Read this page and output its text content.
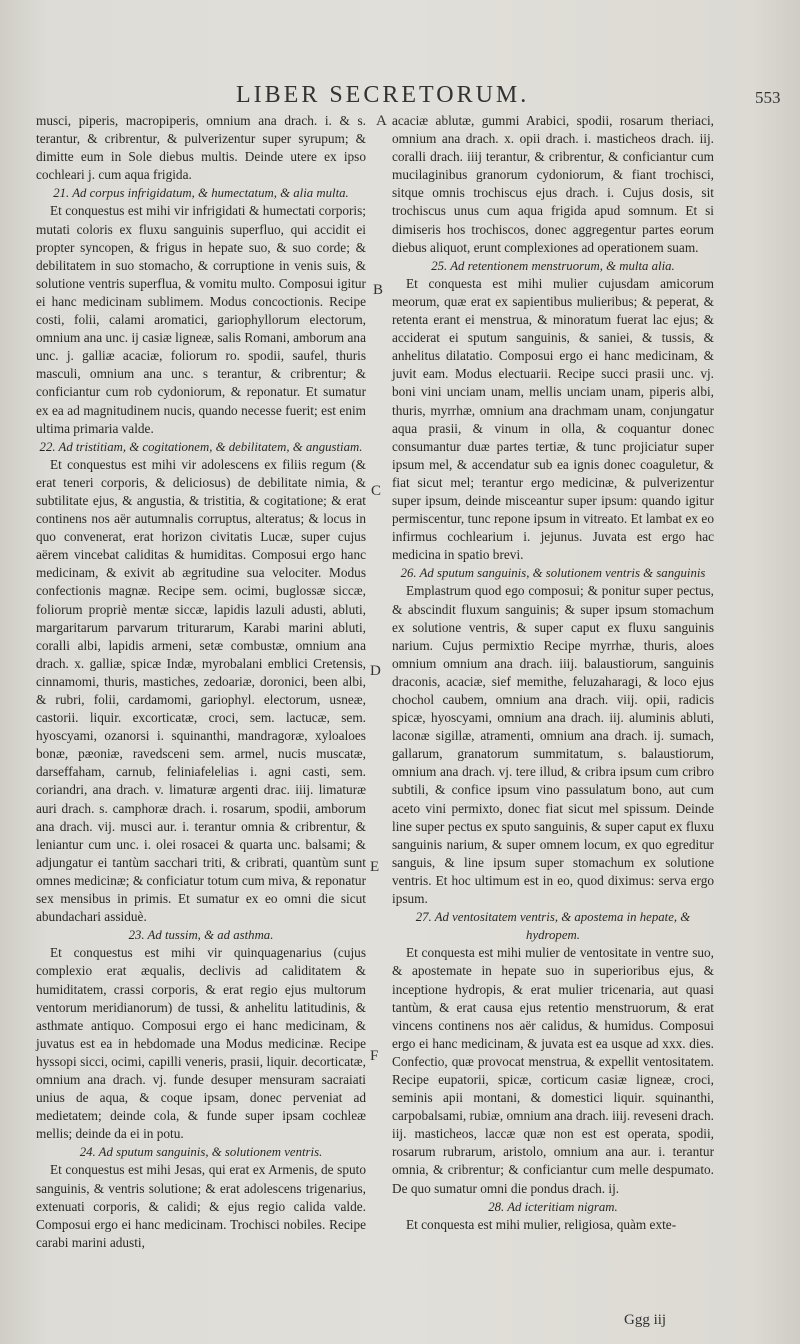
LIBER SECRETORUM.	553

musci, piperis, macropiperis, omnium ana drach. i. & s. terantur, & cribrentur, & pulverizentur super syrupum; & dimitte eum in Sole diebus multis. Deinde utere ex ipso cochleari j. cum aqua frigida.

21. Ad corpus infrigidatum, & humectatum, & alia multa.

Et conquestus est mihi vir infrigidati & humectati corporis; mutati coloris ex fluxu sanguinis superfluo, qui accidit ei propter syncopen, & frigus in hepate suo, & suo corde; & debilitatem in suo stomacho, & corruptione in venis suis, & solutione ventris superflua, & vomitu multo. Composui igitur ei hanc medicinam sublimem. Modus concoctionis. Recipe costi, folii, calami aromatici, gariophyllorum electorum, omnium ana unc. ij casiæ ligneæ, salis Romani, amborum ana unc. j. galliæ acaciæ, foliorum ro. spodii, saufel, thuris masculi, omnium ana unc. s terantur, & cribrentur; & conficiantur cum rob cydoniorum, & reponatur. Et sumatur ex ea ad magnitudinem nucis, quando necesse fuerit; est enim ultima primaria valde.

22. Ad tristitiam, & cogitationem, & debilitatem, & angustiam.

Et conquestus est mihi vir adolescens ex filiis regum (& erat teneri corporis, & deliciosus) de debilitate nimia, & subtilitate ejus, & angustia, & tristitia, & cogitatione; & erat continens nos aër autumnalis corruptus, alteratus; & locus in quo convenerat, erat horizon civitatis Lucæ, super cujus aërem vincebat caliditas & humiditas. Composui ergo hanc medicinam, & exivit ab ægritudine sua velociter. Modus confectionis magnæ. Recipe sem. ocimi, buglossæ siccæ, foliorum propriè mentæ siccæ, lapidis lazuli adusti, abluti, margaritarum parvarum triturarum, Karabi marini abluti, coralli albi, lapidis armeni, setæ combustæ, omnium ana drach. x. galliæ, spicæ Indæ, myrobalani emblici Cretensis, cinnamomi, thuris, mastiches, zedoariæ, doronici, been albi, & rubri, folii, cardamomi, gariophyl. electorum, usneæ, castorii. liquir. excorticatæ, croci, sem. lactucæ, sem. hyoscyami, ozanorsi i. squinanthi, mandragoræ, xyloaloes bonæ, pæoniæ, ravedsceni sem. armel, nucis muscatæ, darseffaham, carnub, feliniafelelias i. agni casti, sem. coriandri, ana drach. v. limaturæ argenti drac. iiij. limaturæ auri drach. s. camphoræ drach. i. rosarum, spodii, amborum ana drach. vij. musci aur. i. terantur omnia & cribrentur, & leniantur cum unc. i. olei rosacei & quarta unc. balsami; & adjungatur ei tantùm sacchari triti, & cribrati, quantùm sunt omnes medicinæ; & conficiatur totum cum miva, & reponatur sex mensibus in primis. Et sumatur ex eo omni die sicut abundachari assiduè.

23. Ad tussim, & ad asthma.

Et conquestus est mihi vir quinquagenarius (cujus complexio erat æqualis, declivis ad caliditatem & humiditatem, crassi corporis, & erat regio ejus multorum ventorum meridianorum) de tussi, & anhelitu latitudinis, & asthmate antiquo. Composui ergo ei hanc medicinam, & juvatus est ea in hebdomade una Modus medicinæ. Recipe hyssopi sicci, ocimi, capilli veneris, prasii, liquir. decorticatæ, omnium ana drach. vj. funde desuper mensuram sacraiati unius de aqua, & coque ipsam, donec perveniat ad medietatem; deinde cola, & funde super ipsam cochleæ mellis; deinde da ei in potu.

24. Ad sputum sanguinis, & solutionem ventris.

Et conquestus est mihi Jesas, qui erat ex Armenis, de sputo sanguinis, & ventris solutione; & erat adolescens trigenarius, extenuati corporis, & calidi; & ejus regio calida valde. Composui ergo ei hanc medicinam. Trochisci nobiles. Recipe carabi marini adusti,

acaciæ ablutæ, gummi Arabici, spodii, rosarum theriaci, omnium ana drach. x. opii drach. i. masticheos drach. iij. coralli drach. iiij terantur, & cribrentur, & conficiantur cum mucilaginibus granorum cydoniorum, & fiant trochisci, sitque omnis trochiscus ejus drach. i. Cujus dosis, sit trochiscus unus cum aqua frigida apud somnum. Et si dimiseris hos trochiscos, donec aggregentur partes eorum diebus aliquot, erunt complexiones ad operationem suam.

25. Ad retentionem menstruorum, & multa alia.

Et conquesta est mihi mulier cujusdam amicorum meorum, quæ erat ex sapientibus mulieribus; & peperat, & retenta erant ei menstrua, & minoratum fuerat lac ejus; & acciderat ei sputum sanguinis, & saniei, & tussis, & anhelitus dilatatio. Composui ergo ei hanc medicinam, & juvit eam. Modus electuarii. Recipe succi prasii unc. vj. boni vini unciam unam, mellis unciam unam, piperis albi, thuris, myrrhæ, omnium ana drachmam unam, conjungatur aqua prasii, & vinum in olla, & coquantur donec consumantur duæ partes tertiæ, & tunc projiciatur super ipsum mel, & accendatur sub ea ignis donec coaguletur, & fiat sicut mel; terantur ergo medicinæ, & pulverizentur super ipsum, deinde misceantur super ipsum: quando igitur permiscentur, tunc repone ipsum in vitreato. Et lambat ex eo infirmus cochlearium i. jejunus. Juvata est ergo hac medicina in spatio brevi.

26. Ad sputum sanguinis, & solutionem ventris & sanguinis

Emplastrum quod ego composui; & ponitur super pectus, & abscindit fluxum sanguinis; & super ipsum stomachum ex solutione ventris, & super caput ex fluxu sanguinis narium. Cujus permixtio Recipe myrrhæ, thuris, aloes omnium omnium ana drach. iiij. balaustiorum, sanguinis draconis, acaciæ, sief memithe, feluzaharagi, & loco ejus chochol caubem, omnium ana drach. viij. opii, radicis spicæ, hyoscyami, omnium ana drach. iij. aluminis abluti, laconæ sigillæ, atramenti, omnium ana drach. ij. sumach, gallarum, granatorum summitatum, s. balaustiorum, omnium ana drach. vj. tere illud, & cribra ipsum cum cribro subtili, & confice ipsum vino passulatum bono, aut cum aceto vini permixto, donec fiat sicut mel spissum. Deinde line super pectus ex sputo sanguinis, & super caput ex fluxu sanguinis narium, & super omnem locum, ex quo egreditur sanguis, & line ipsum super stomachum ex solutione ventris. Et hoc ultimum est in eo, quod diximus: serva ergo ipsum.

27. Ad ventositatem ventris, & apostema in hepate, & hydropem.

Et conquesta est mihi mulier de ventositate in ventre suo, & apostemate in hepate suo in superioribus ejus, & inceptione hydropis, & erat mulier tricenaria, aut quasi tantùm, & erat causa ejus retentio menstruorum, & erat vincens continens nos aër calidus, & humidus. Composui ergo ei hanc medicinam, & juvata est ea usque ad xxx. dies. Confectio, quæ provocat menstrua, & expellit ventositatem. Recipe eupatorii, spicæ, corticum casiæ ligneæ, croci, seminis apii montani, & domestici liquir. squinanthi, carpobalsami, rubiæ, omnium ana drach. iiij. reveseni drach. iij. masticheos, laccæ quæ non est est operata, spodii, rosarum rubrarum, aristolo, omnium ana aur. i. terantur omnia, & cribrentur; & conficiantur cum melle despumato. De quo sumatur omni die pondus drach. ij.

28. Ad icteritiam nigram.

Et conquesta est mihi mulier, religiosa, quàm exte-

A
B
C
D
E
F
Ggg iij
